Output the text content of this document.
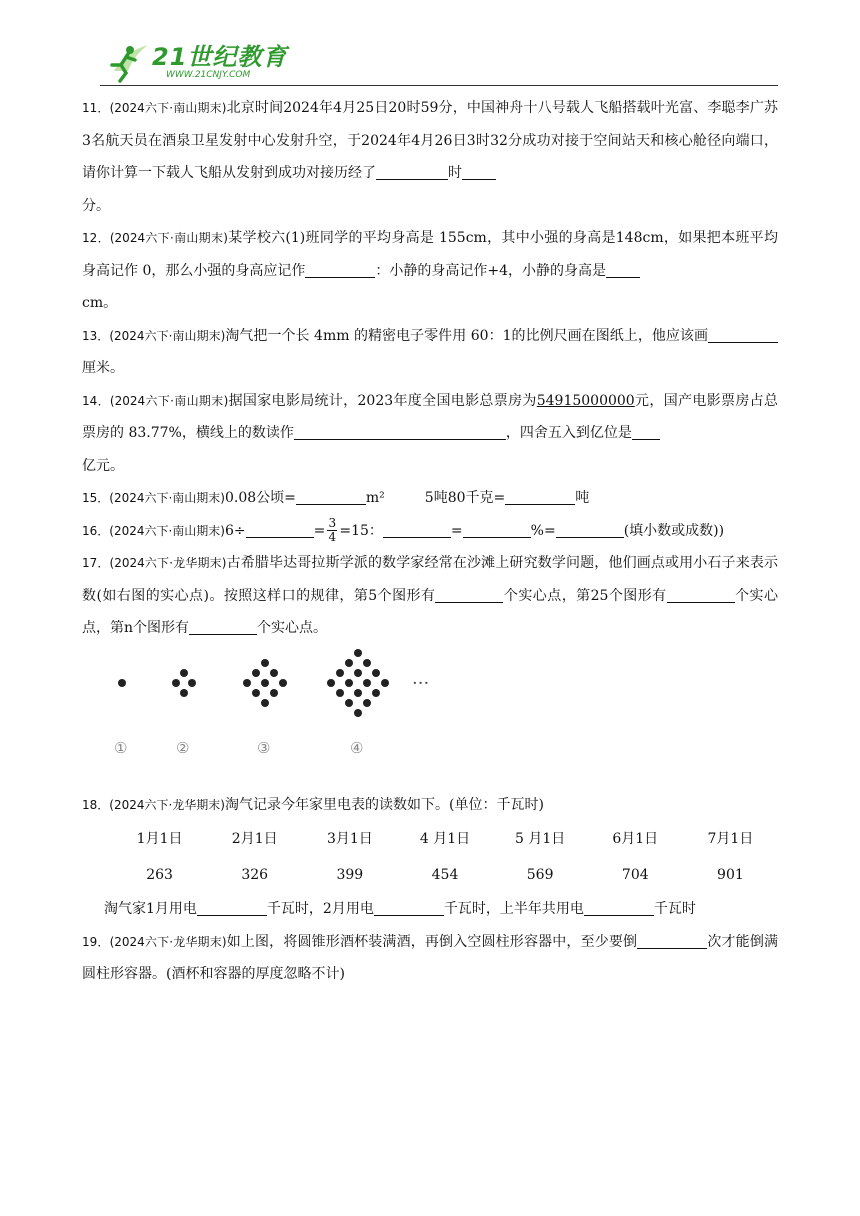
21世纪教育
WWW.21CNJY.COM

11．(2024六下·南山期末)北京时间2024年4月25日20时59分，中国神舟十八号载人飞船搭载叶光富、李聪李广苏3名航天员在酒泉卫星发射中心发射升空，于2024年4月26日3时32分成功对接于空间站天和核心舱径向端口，请你计算一下载人飞船从发射到成功对接历经了	时
分。

12．(2024六下·南山期末)某学校六(1)班同学的平均身高是 155cm，其中小强的身高是148cm，如果把本班平均身高记作 0，那么小强的身高应记作	：小静的身高记作+4，小静的身高是
cm。

13．(2024六下·南山期末)淘气把一个长 4mm 的精密电子零件用 60：1的比例尺画在图纸上，他应该画厘米。

14．(2024六下·南山期末)据国家电影局统计，2023年度全国电影总票房为54915000000元，国产电影票房占总票房的 83.77%，横线上的数读作	，四舍五入到亿位是
亿元。

15．(2024六下·南山期末)0.08公顷=	m²	5吨80千克=	吨

16．(2024六下·南山期末)6÷	= $\frac{3}{4} =15$：	=	%=	(填小数或成数))

17．(2024六下·龙华期末)古希腊毕达哥拉斯学派的数学家经常在沙滩上研究数学问题，他们画点或用小石子来表示数(如右图的实心点)。按照这样口的规律，第5个图形有	个实心点，第25个图形有	个实心点，第n个图形有	个实心点。

···
①	②	③	④

18．(2024六下·龙华期末)淘气记录今年家里电表的读数如下。(单位：千瓦时)

1月1日	2月1日	3月1日	4 月1日	5 月1日	6月1日	7月1日
263	326	399	454	569	704	901

淘气家1月用电	千瓦时，2月用电	千瓦时，上半年共用电	千瓦时

19．(2024六下·龙华期末)如上图，将圆锥形酒杯装满酒，再倒入空圆柱形容器中，至少要倒	次才能倒满圆柱形容器。(酒杯和容器的厚度忽略不计)
